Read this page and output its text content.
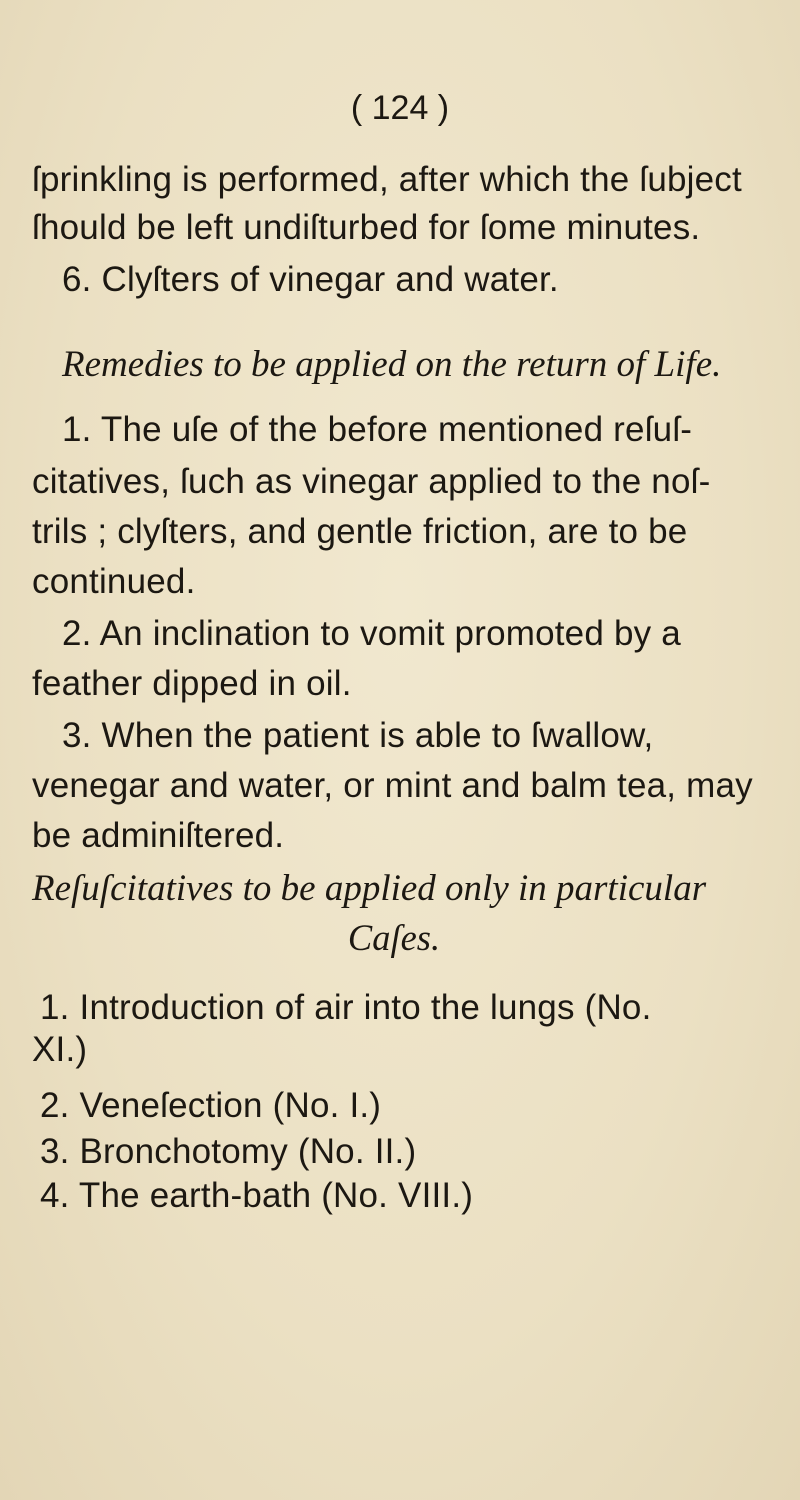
( 124 )
ſprinkling is performed, after which the ſubject
ſhould be left undiſturbed for ſome minutes.
6. Clyſters of vinegar and water.
Remedies to be applied on the return of Life.
1. The uſe of the before mentioned reſuſ-
citatives, ſuch as vinegar applied to the noſ-
trils ; clyſters, and gentle friction, are to be
continued.
2. An inclination to vomit promoted by a
feather dipped in oil.
3. When the patient is able to ſwallow,
venegar and water, or mint and balm tea, may
be adminiſtered.
Reſuſcitatives to be applied only in particular
Caſes.
1. Introduction of air into the lungs (No.
XI.)
2. Veneſection (No. I.)
3. Bronchotomy (No. II.)
4. The earth-bath (No. VIII.)
